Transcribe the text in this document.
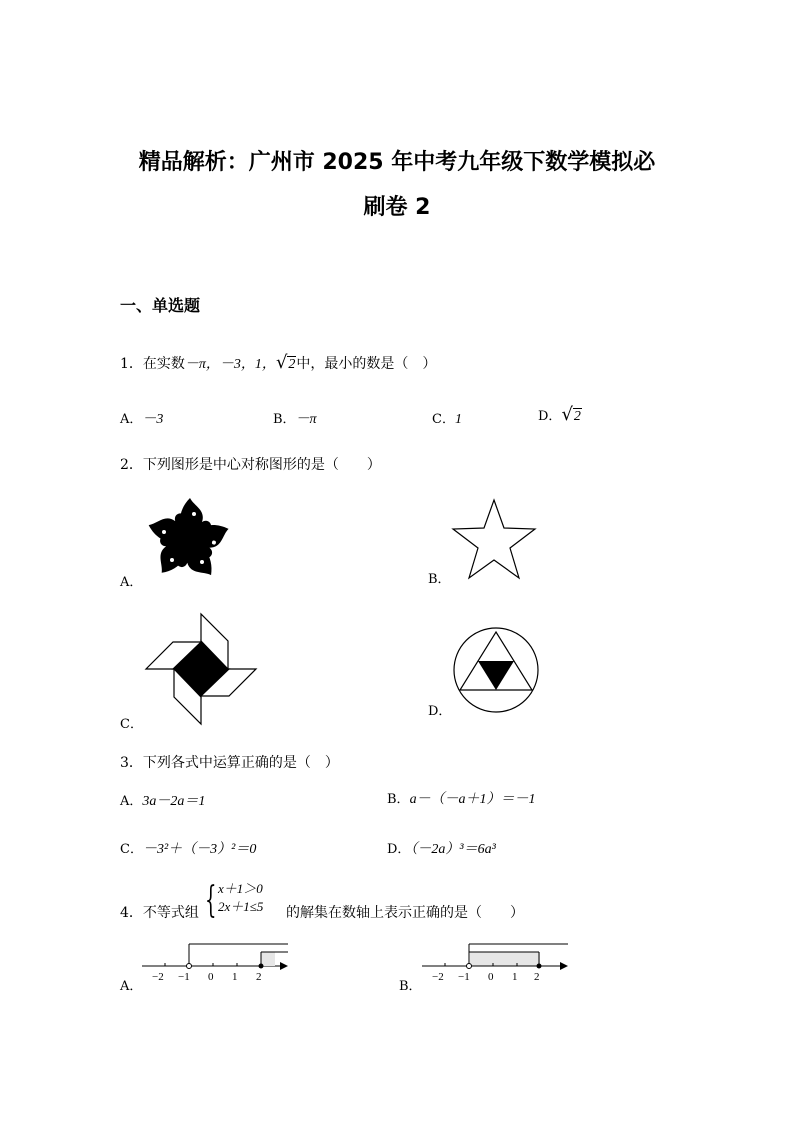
精品解析：广州市 2025 年中考九年级下数学模拟必
刷卷 2
一、单选题
1．在实数－π，－3，1，√2中，最小的数是（　）
A．－3	B．－π	C．1	D．√2
2．下列图形是中心对称图形的是（　　）
A．	B．
C．
D．
3．下列各式中运算正确的是（　）
A．3a－2a＝1	B．a－（－a＋1）＝－1
C．－3²＋（－3）²＝0	D．（－2a）³＝6a³
4．不等式组 { x＋1＞0
2x＋1≤5 的解集在数轴上表示正确的是（　　）
−2 −1 0 1 2
A．
−2 −1 0 1 2
B．
